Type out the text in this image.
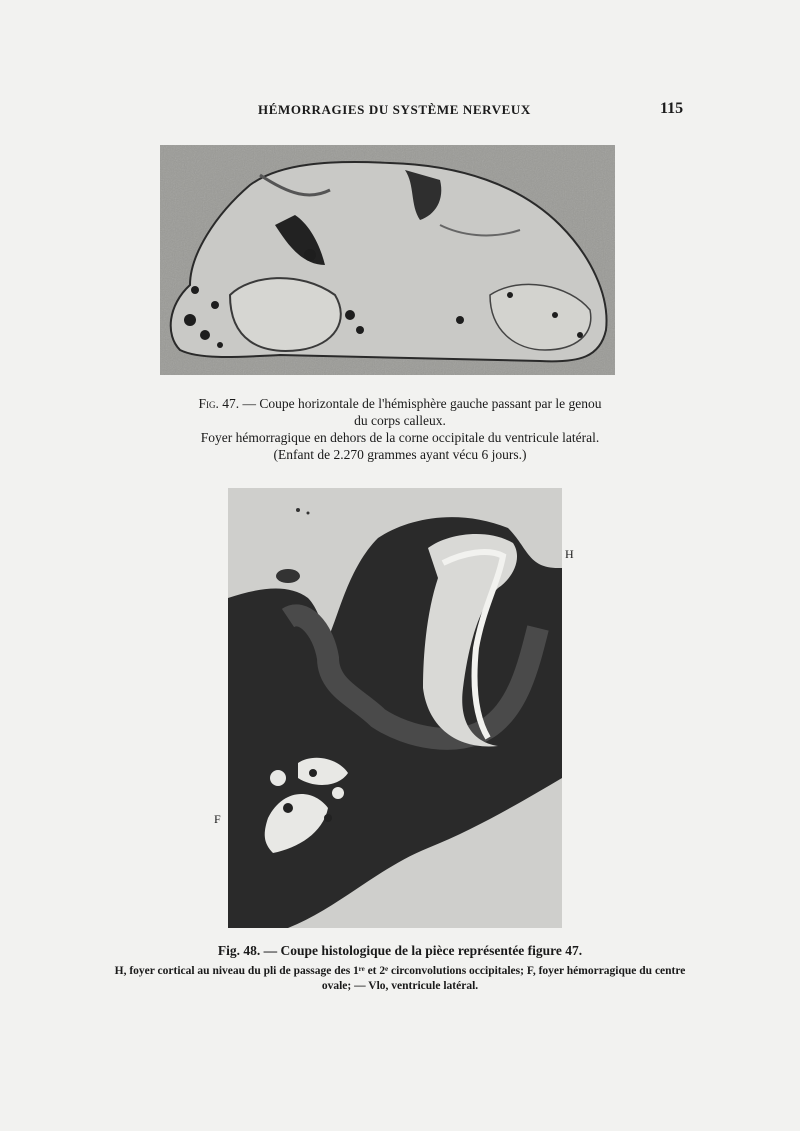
HÉMORRAGIES DU SYSTÈME NERVEUX	115
Fig. 47. — Coupe horizontale de l'hémisphère gauche passant par le genou
du corps calleux.
Foyer hémorragique en dehors de la corne occipitale du ventricule latéral.
(Enfant de 2.270 grammes ayant vécu 6 jours.)
H
F
Fig. 48. — Coupe histologique de la pièce représentée figure 47.
H, foyer cortical au niveau du pli de passage des 1ʳᵉ et 2ᵉ circonvolutions occipitales; F, foyer hémorragique du centre ovale; — Vlo, ventricule latéral.
